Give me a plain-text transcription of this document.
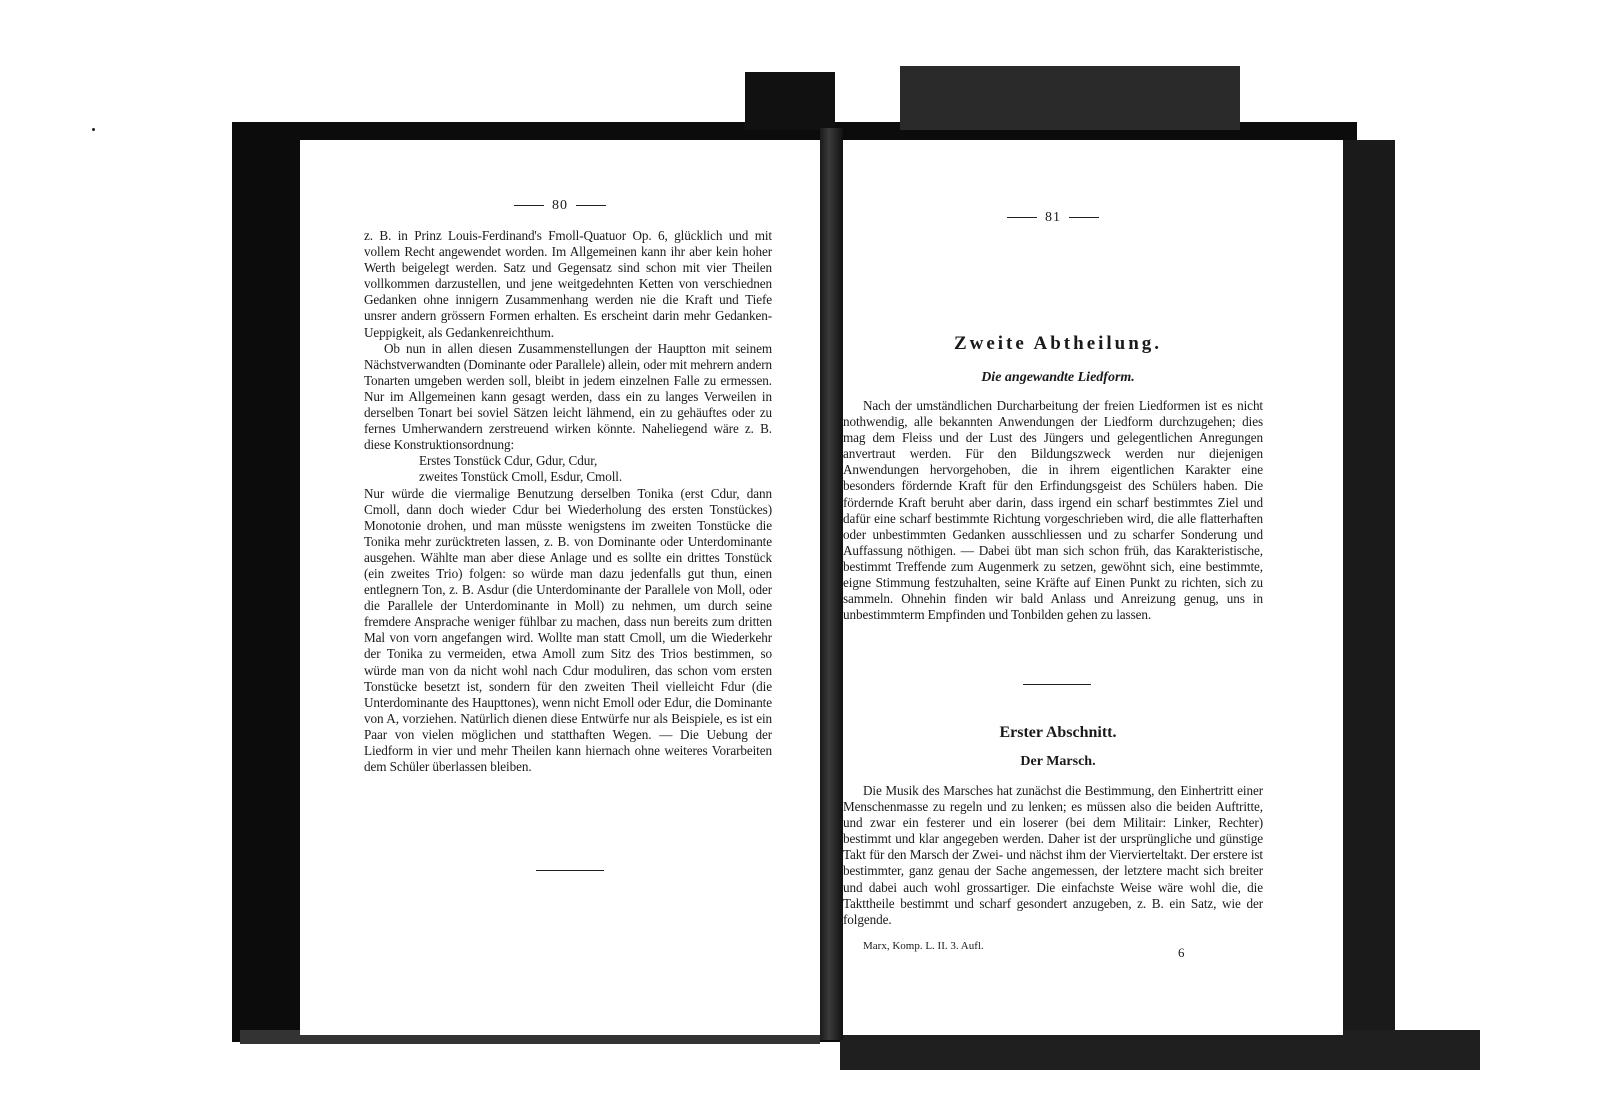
80

z. B. in Prinz Louis-Ferdinand's Fmoll-Quatuor Op. 6, glücklich und mit vollem Recht angewendet worden. Im Allgemeinen kann ihr aber kein hoher Werth beigelegt werden. Satz und Gegensatz sind schon mit vier Theilen vollkommen darzustellen, und jene weitgedehnten Ketten von verschiednen Gedanken ohne innigern Zusammenhang werden nie die Kraft und Tiefe unsrer andern grössern Formen erhalten. Es erscheint darin mehr Gedanken-Ueppigkeit, als Gedankenreichthum.

Ob nun in allen diesen Zusammenstellungen der Hauptton mit seinem Nächstverwandten (Dominante oder Parallele) allein, oder mit mehrern andern Tonarten umgeben werden soll, bleibt in jedem einzelnen Falle zu ermessen. Nur im Allgemeinen kann gesagt werden, dass ein zu langes Verweilen in derselben Tonart bei soviel Sätzen leicht lähmend, ein zu gehäuftes oder zu fernes Umherwandern zerstreuend wirken könnte. Naheliegend wäre z. B. diese Konstruktionsordnung:

Erstes Tonstück Cdur, Gdur, Cdur,

zweites Tonstück Cmoll, Esdur, Cmoll.

Nur würde die viermalige Benutzung derselben Tonika (erst Cdur, dann Cmoll, dann doch wieder Cdur bei Wiederholung des ersten Tonstückes) Monotonie drohen, und man müsste wenigstens im zweiten Tonstücke die Tonika mehr zurücktreten lassen, z. B. von Dominante oder Unterdominante ausgehen. Wählte man aber diese Anlage und es sollte ein drittes Tonstück (ein zweites Trio) folgen: so würde man dazu jedenfalls gut thun, einen entlegnern Ton, z. B. Asdur (die Unterdominante der Parallele von Moll, oder die Parallele der Unterdominante in Moll) zu nehmen, um durch seine fremdere Ansprache weniger fühlbar zu machen, dass nun bereits zum dritten Mal von vorn angefangen wird. Wollte man statt Cmoll, um die Wiederkehr der Tonika zu vermeiden, etwa Amoll zum Sitz des Trios bestimmen, so würde man von da nicht wohl nach Cdur moduliren, das schon vom ersten Tonstücke besetzt ist, sondern für den zweiten Theil vielleicht Fdur (die Unterdominante des Haupttones), wenn nicht Emoll oder Edur, die Dominante von A, vorziehen. Natürlich dienen diese Entwürfe nur als Beispiele, es ist ein Paar von vielen möglichen und statthaften Wegen. — Die Uebung der Liedform in vier und mehr Theilen kann hiernach ohne weiteres Vorarbeiten dem Schüler überlassen bleiben.

81
Zweite Abtheilung.
Die angewandte Liedform.

Nach der umständlichen Durcharbeitung der freien Liedformen ist es nicht nothwendig, alle bekannten Anwendungen der Liedform durchzugehen; dies mag dem Fleiss und der Lust des Jüngers und gelegentlichen Anregungen anvertraut werden. Für den Bildungszweck werden nur diejenigen Anwendungen hervorgehoben, die in ihrem eigentlichen Karakter eine besonders fördernde Kraft für den Erfindungsgeist des Schülers haben. Die fördernde Kraft beruht aber darin, dass irgend ein scharf bestimmtes Ziel und dafür eine scharf bestimmte Richtung vorgeschrieben wird, die alle flatterhaften oder unbestimmten Gedanken ausschliessen und zu scharfer Sonderung und Auffassung nöthigen. — Dabei übt man sich schon früh, das Karakteristische, bestimmt Treffende zum Augenmerk zu setzen, gewöhnt sich, eine bestimmte, eigne Stimmung festzuhalten, seine Kräfte auf Einen Punkt zu richten, sich zu sammeln. Ohnehin finden wir bald Anlass und Anreizung genug, uns in unbestimmterm Empfinden und Tonbilden gehen zu lassen.

Erster Abschnitt.
Der Marsch.

Die Musik des Marsches hat zunächst die Bestimmung, den Einhertritt einer Menschenmasse zu regeln und zu lenken; es müssen also die beiden Auftritte, und zwar ein festerer und ein loserer (bei dem Militair: Linker, Rechter) bestimmt und klar angegeben werden. Daher ist der ursprüngliche und günstige Takt für den Marsch der Zwei- und nächst ihm der Viervierteltakt. Der erstere ist bestimmter, ganz genau der Sache angemessen, der letztere macht sich breiter und dabei auch wohl grossartiger. Die einfachste Weise wäre wohl die, die Takttheile bestimmt und scharf gesondert anzugeben, z. B. ein Satz, wie der folgende.

Marx, Komp. L. II. 3. Aufl.	6
